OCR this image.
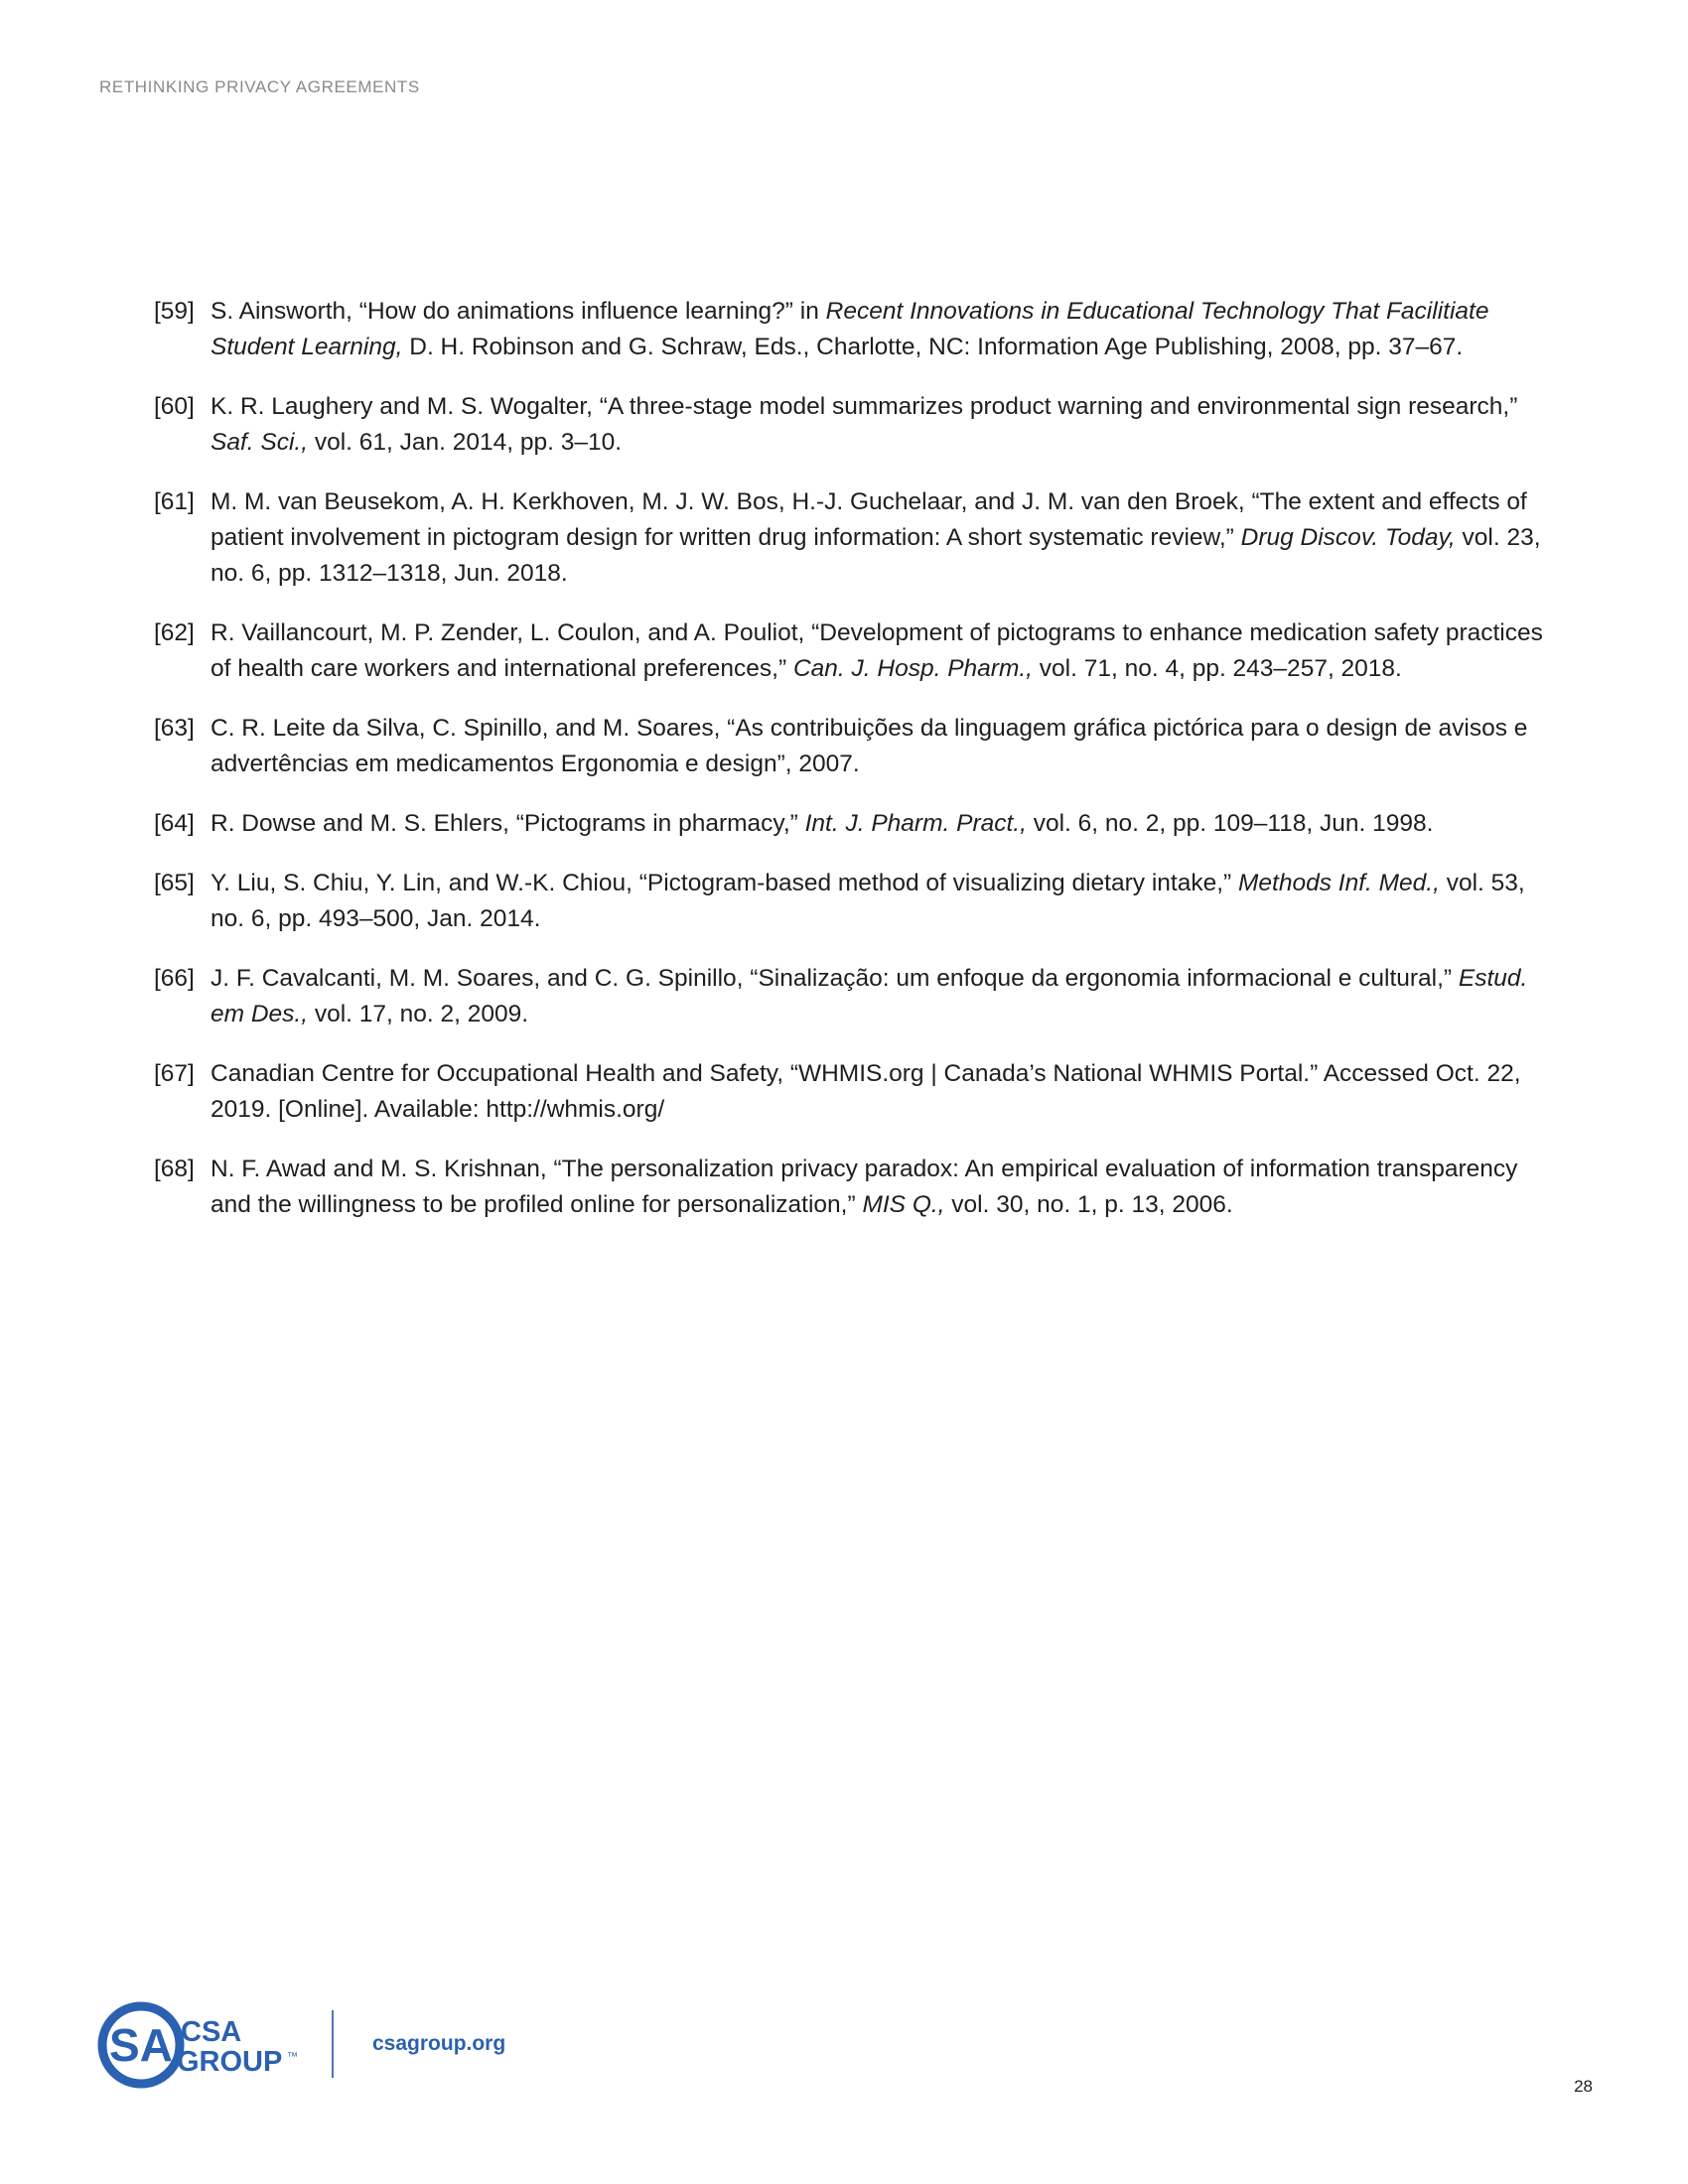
RETHINKING PRIVACY AGREEMENTS
[59] S. Ainsworth, “How do animations influence learning?” in Recent Innovations in Educational Technology That Facilitiate Student Learning, D. H. Robinson and G. Schraw, Eds., Charlotte, NC: Information Age Publishing, 2008, pp. 37–67.
[60] K. R. Laughery and M. S. Wogalter, “A three-stage model summarizes product warning and environmental sign research,” Saf. Sci., vol. 61, Jan. 2014, pp. 3–10.
[61] M. M. van Beusekom, A. H. Kerkhoven, M. J. W. Bos, H.-J. Guchelaar, and J. M. van den Broek, “The extent and effects of patient involvement in pictogram design for written drug information: A short systematic review,” Drug Discov. Today, vol. 23, no. 6, pp. 1312–1318, Jun. 2018.
[62] R. Vaillancourt, M. P. Zender, L. Coulon, and A. Pouliot, “Development of pictograms to enhance medication safety practices of health care workers and international preferences,” Can. J. Hosp. Pharm., vol. 71, no. 4, pp. 243–257, 2018.
[63] C. R. Leite da Silva, C. Spinillo, and M. Soares, “As contribuições da linguagem gráfica pictórica para o design de avisos e advertências em medicamentos Ergonomia e design”, 2007.
[64] R. Dowse and M. S. Ehlers, “Pictograms in pharmacy,” Int. J. Pharm. Pract., vol. 6, no. 2, pp. 109–118, Jun. 1998.
[65] Y. Liu, S. Chiu, Y. Lin, and W.-K. Chiou, “Pictogram-based method of visualizing dietary intake,” Methods Inf. Med., vol. 53, no. 6, pp. 493–500, Jan. 2014.
[66] J. F. Cavalcanti, M. M. Soares, and C. G. Spinillo, “Sinalização: um enfoque da ergonomia informacional e cultural,” Estud. em Des., vol. 17, no. 2, 2009.
[67] Canadian Centre for Occupational Health and Safety, “WHMIS.org | Canada’s National WHMIS Portal.” Accessed Oct. 22, 2019. [Online]. Available: http://whmis.org/
[68] N. F. Awad and M. S. Krishnan, “The personalization privacy paradox: An empirical evaluation of information transparency and the willingness to be profiled online for personalization,” MIS Q., vol. 30, no. 1, p. 13, 2006.
SA CSA
GROUP ™
csagroup.org
28
